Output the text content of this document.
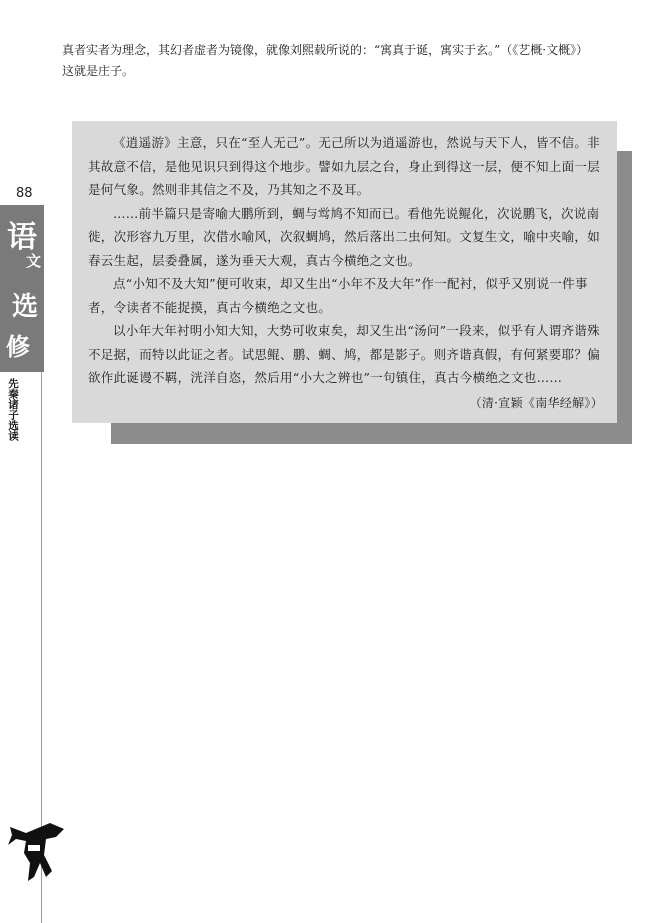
真者实者为理念，其幻者虚者为镜像，就像刘熙载所说的：“寓真于诞，寓实于玄。”（《艺概·文概》）

这就是庄子。

《逍遥游》主意，只在“至人无己”。无己所以为逍遥游也，然说与天下人，皆不信。非其故意不信，是他见识只到得这个地步。譬如九层之台，身止到得这一层，便不知上面一层是何气象。然则非其信之不及，乃其知之不及耳。

……前半篇只是寄喻大鹏所到，蜩与鸴鸠不知而已。看他先说鲲化，次说鹏飞，次说南徙，次形容九万里，次借水喻风，次叙蜩鸠，然后落出二虫何知。文复生文，喻中夹喻，如春云生起，层委叠属，遂为垂天大观，真古今横绝之文也。

点“小知不及大知”便可收束，却又生出“小年不及大年”作一配衬，似乎又别说一件事者，令读者不能捉摸，真古今横绝之文也。

以小年大年衬明小知大知，大势可收束矣，却又生出“汤问”一段来，似乎有人谓齐谐殊不足据，而特以此证之者。试思鲲、鹏、蜩、鸠，都是影子。则齐谐真假，有何紧要耶？偏欲作此诞谩不羁，洸洋自恣，然后用“小大之辨也”一句镇住，真古今横绝之文也……

（清·宣颖《南华经解》）

88
语
文
选
修
先秦诸子选读
